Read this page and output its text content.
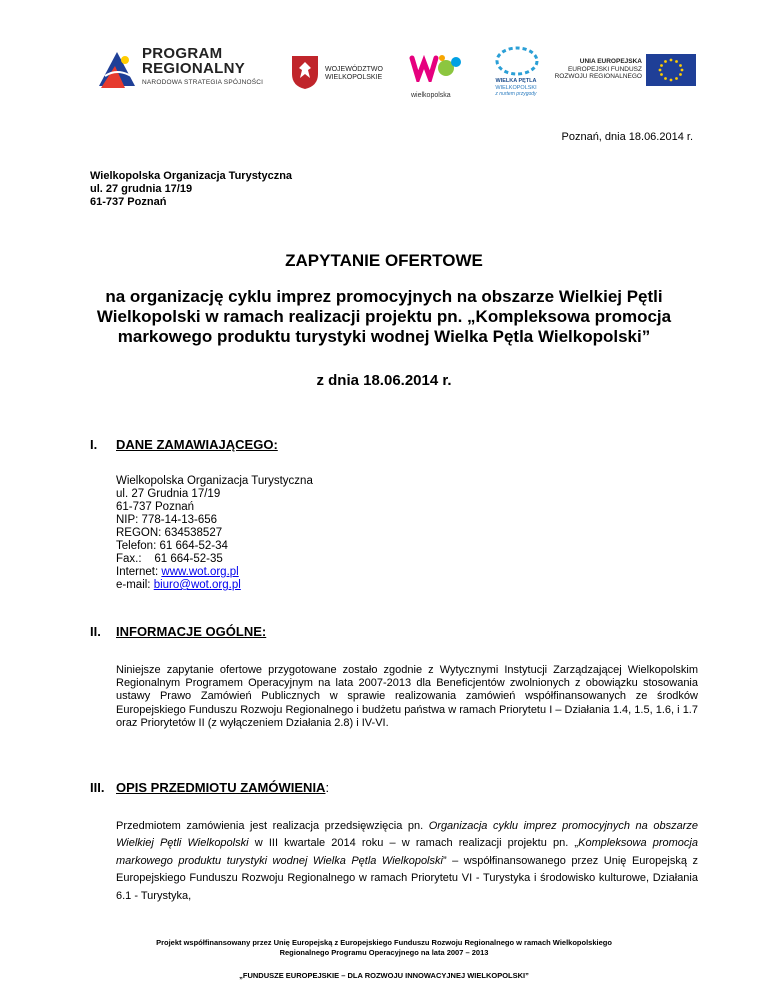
PROGRAM
REGIONALNY
NARODOWA STRATEGIA SPÓJNOŚCI
WOJEWÓDZTWO
WIELKOPOLSKIE
wielkopolska
WIELKA PĘTLA
WIELKOPOLSKI
z nurtem przygody
UNIA EUROPEJSKA
EUROPEJSKI FUNDUSZ
ROZWOJU REGIONALNEGO
Poznań, dnia 18.06.2014 r.
Wielkopolska Organizacja Turystyczna
ul. 27 grudnia 17/19
61-737 Poznań
ZAPYTANIE OFERTOWE
na organizację cyklu imprez promocyjnych na obszarze Wielkiej Pętli Wielkopolski w ramach realizacji projektu pn. „Kompleksowa promocja markowego produktu turystyki wodnej Wielka Pętla Wielkopolski”
z dnia 18.06.2014 r.
I. DANE ZAMAWIAJĄCEGO:
Wielkopolska Organizacja Turystyczna
ul. 27 Grudnia 17/19
61-737 Poznań
NIP: 778-14-13-656
REGON: 634538527
Telefon: 61 664-52-34
Fax.:    61 664-52-35
Internet: www.wot.org.pl
e-mail: biuro@wot.org.pl
II. INFORMACJE OGÓLNE:
Niniejsze zapytanie ofertowe przygotowane zostało zgodnie z Wytycznymi Instytucji Zarządzającej Wielkopolskim Regionalnym Programem Operacyjnym na lata 2007-2013 dla Beneficjentów zwolnionych z obowiązku stosowania ustawy Prawo Zamówień Publicznych w sprawie realizowania zamówień współfinansowanych ze środków Europejskiego Funduszu Rozwoju Regionalnego i budżetu państwa w ramach Priorytetu I – Działania 1.4, 1.5, 1.6, i 1.7 oraz Priorytetów II (z wyłączeniem Działania 2.8) i IV-VI.
III. OPIS PRZEDMIOTU ZAMÓWIENIA:
Przedmiotem zamówienia jest realizacja przedsięwzięcia pn. Organizacja cyklu imprez promocyjnych na obszarze Wielkiej Pętli Wielkopolski w III kwartale 2014 roku – w ramach realizacji projektu pn. „Kompleksowa promocja markowego produktu turystyki wodnej Wielka Pętla Wielkopolski” – współfinansowanego przez Unię Europejską z Europejskiego Funduszu Rozwoju Regionalnego w ramach Priorytetu VI - Turystyka i środowisko kulturowe, Działania 6.1 - Turystyka,
Projekt współfinansowany przez Unię Europejską z Europejskiego Funduszu Rozwoju Regionalnego w ramach Wielkopolskiego
Regionalnego Programu Operacyjnego na lata 2007 – 2013
„FUNDUSZE EUROPEJSKIE – DLA ROZWOJU INNOWACYJNEJ WIELKOPOLSKI”
